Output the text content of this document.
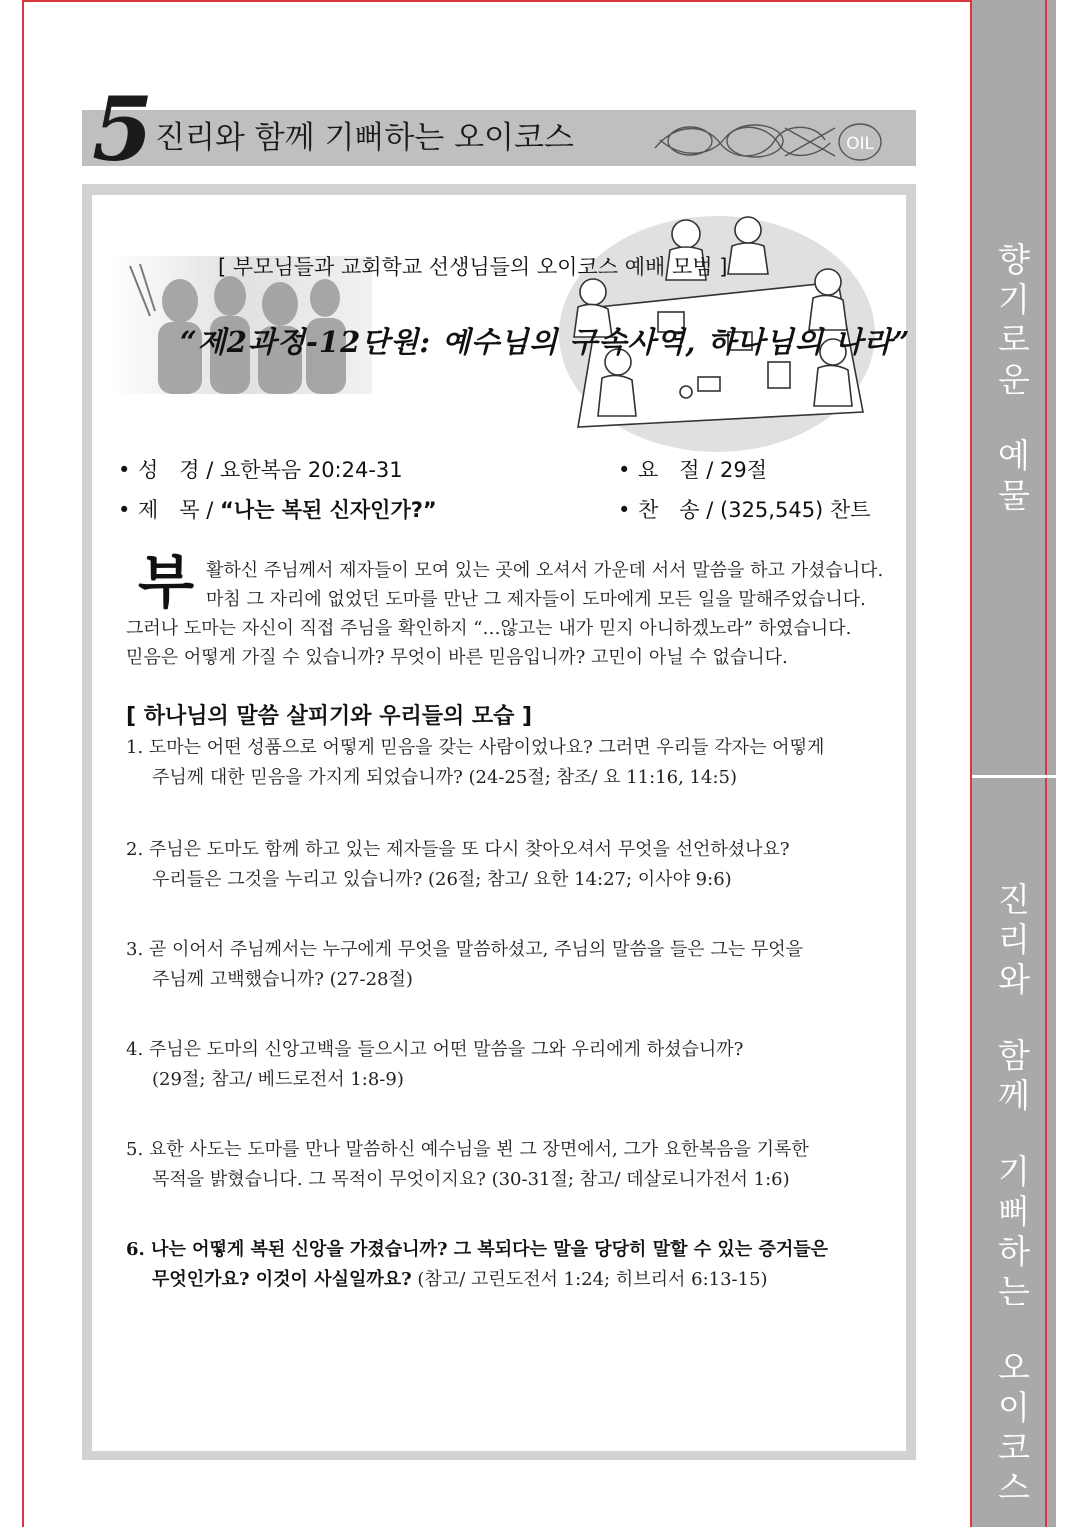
향
기
로
운
예
물
진
리
와
함
께
기
뻐
하
는
오
이
코
스
5 진리와 함께 기뻐하는 오이코스	OIL
[ 부모님들과 교회학교 선생님들의 오이코스 예배 모범 ]
“제2과정-12단원: 예수님의 구속사역, 하나님의 나라”
• 성　경 / 요한복음 20:24-31
• 제　목 / “나는 복된 신자인가?”
• 요　절 / 29절
• 찬　송 / (325,545) 찬트
부 활하신 주님께서 제자들이 모여 있는 곳에 오셔서 가운데 서서 말씀을 하고 가셨습니다.
마침 그 자리에 없었던 도마를 만난 그 제자들이 도마에게 모든 일을 말해주었습니다.
그러나 도마는 자신이 직접 주님을 확인하지 “…않고는 내가 믿지 아니하겠노라” 하였습니다.
믿음은 어떻게 가질 수 있습니까? 무엇이 바른 믿음입니까? 고민이 아닐 수 없습니다.
[ 하나님의 말씀 살피기와 우리들의 모습 ]
1. 도마는 어떤 성품으로 어떻게 믿음을 갖는 사람이었나요? 그러면 우리들 각자는 어떻게
주님께 대한 믿음을 가지게 되었습니까? (24-25절; 참조/ 요 11:16, 14:5)
2. 주님은 도마도 함께 하고 있는 제자들을 또 다시 찾아오셔서 무엇을 선언하셨나요?
우리들은 그것을 누리고 있습니까? (26절; 참고/ 요한 14:27; 이사야 9:6)
3. 곧 이어서 주님께서는 누구에게 무엇을 말씀하셨고, 주님의 말씀을 들은 그는 무엇을
주님께 고백했습니까? (27-28절)
4. 주님은 도마의 신앙고백을 들으시고 어떤 말씀을 그와 우리에게 하셨습니까?
(29절; 참고/ 베드로전서 1:8-9)
5. 요한 사도는 도마를 만나 말씀하신 예수님을 뵌 그 장면에서, 그가 요한복음을 기록한
목적을 밝혔습니다. 그 목적이 무엇이지요? (30-31절; 참고/ 데살로니가전서 1:6)
6. 나는 어떻게 복된 신앙을 가졌습니까? 그 복되다는 말을 당당히 말할 수 있는 증거들은
무엇인가요? 이것이 사실일까요? (참고/ 고린도전서 1:24; 히브리서 6:13-15)
